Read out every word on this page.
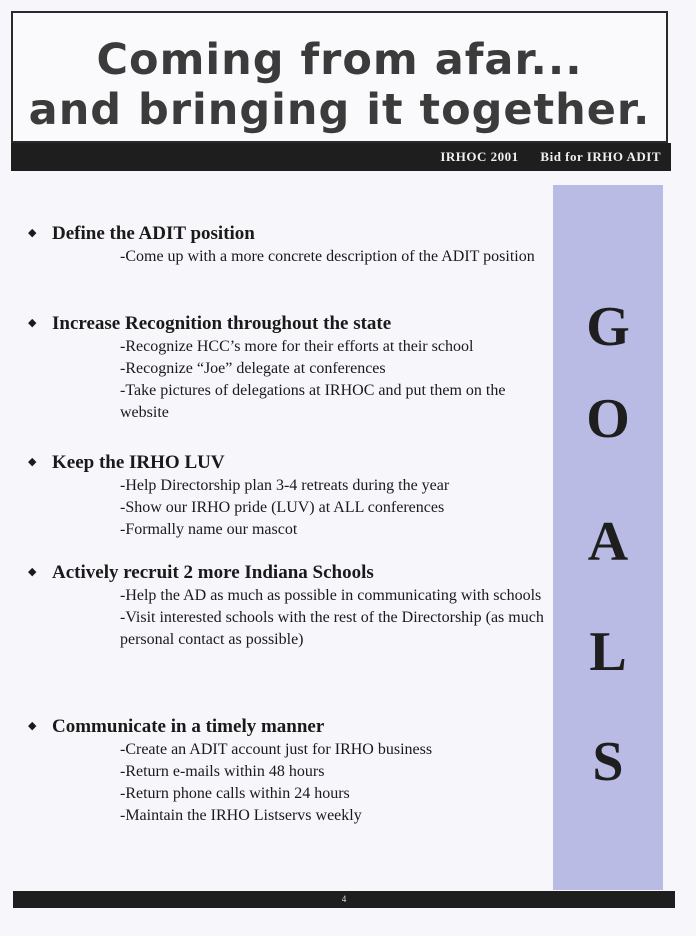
Coming from afar...
and bringing it together.
IRHOC 2001 Bid for IRHO ADIT
G
O
A
L
S
◆ Define the ADIT position
-Come up with a more concrete description of the ADIT position
◆ Increase Recognition throughout the state
-Recognize HCC’s more for their efforts at their school
-Recognize “Joe” delegate at conferences
-Take pictures of delegations at IRHOC and put them on the website
◆ Keep the IRHO LUV
-Help Directorship plan 3-4 retreats during the year
-Show our IRHO pride (LUV) at ALL conferences
-Formally name our mascot
◆ Actively recruit 2 more Indiana Schools
-Help the AD as much as possible in communicating with schools
-Visit interested schools with the rest of the Directorship (as much personal contact as possible)
◆ Communicate in a timely manner
-Create an ADIT account just for IRHO business
-Return e-mails within 48 hours
-Return phone calls within 24 hours
-Maintain the IRHO Listservs weekly
4
